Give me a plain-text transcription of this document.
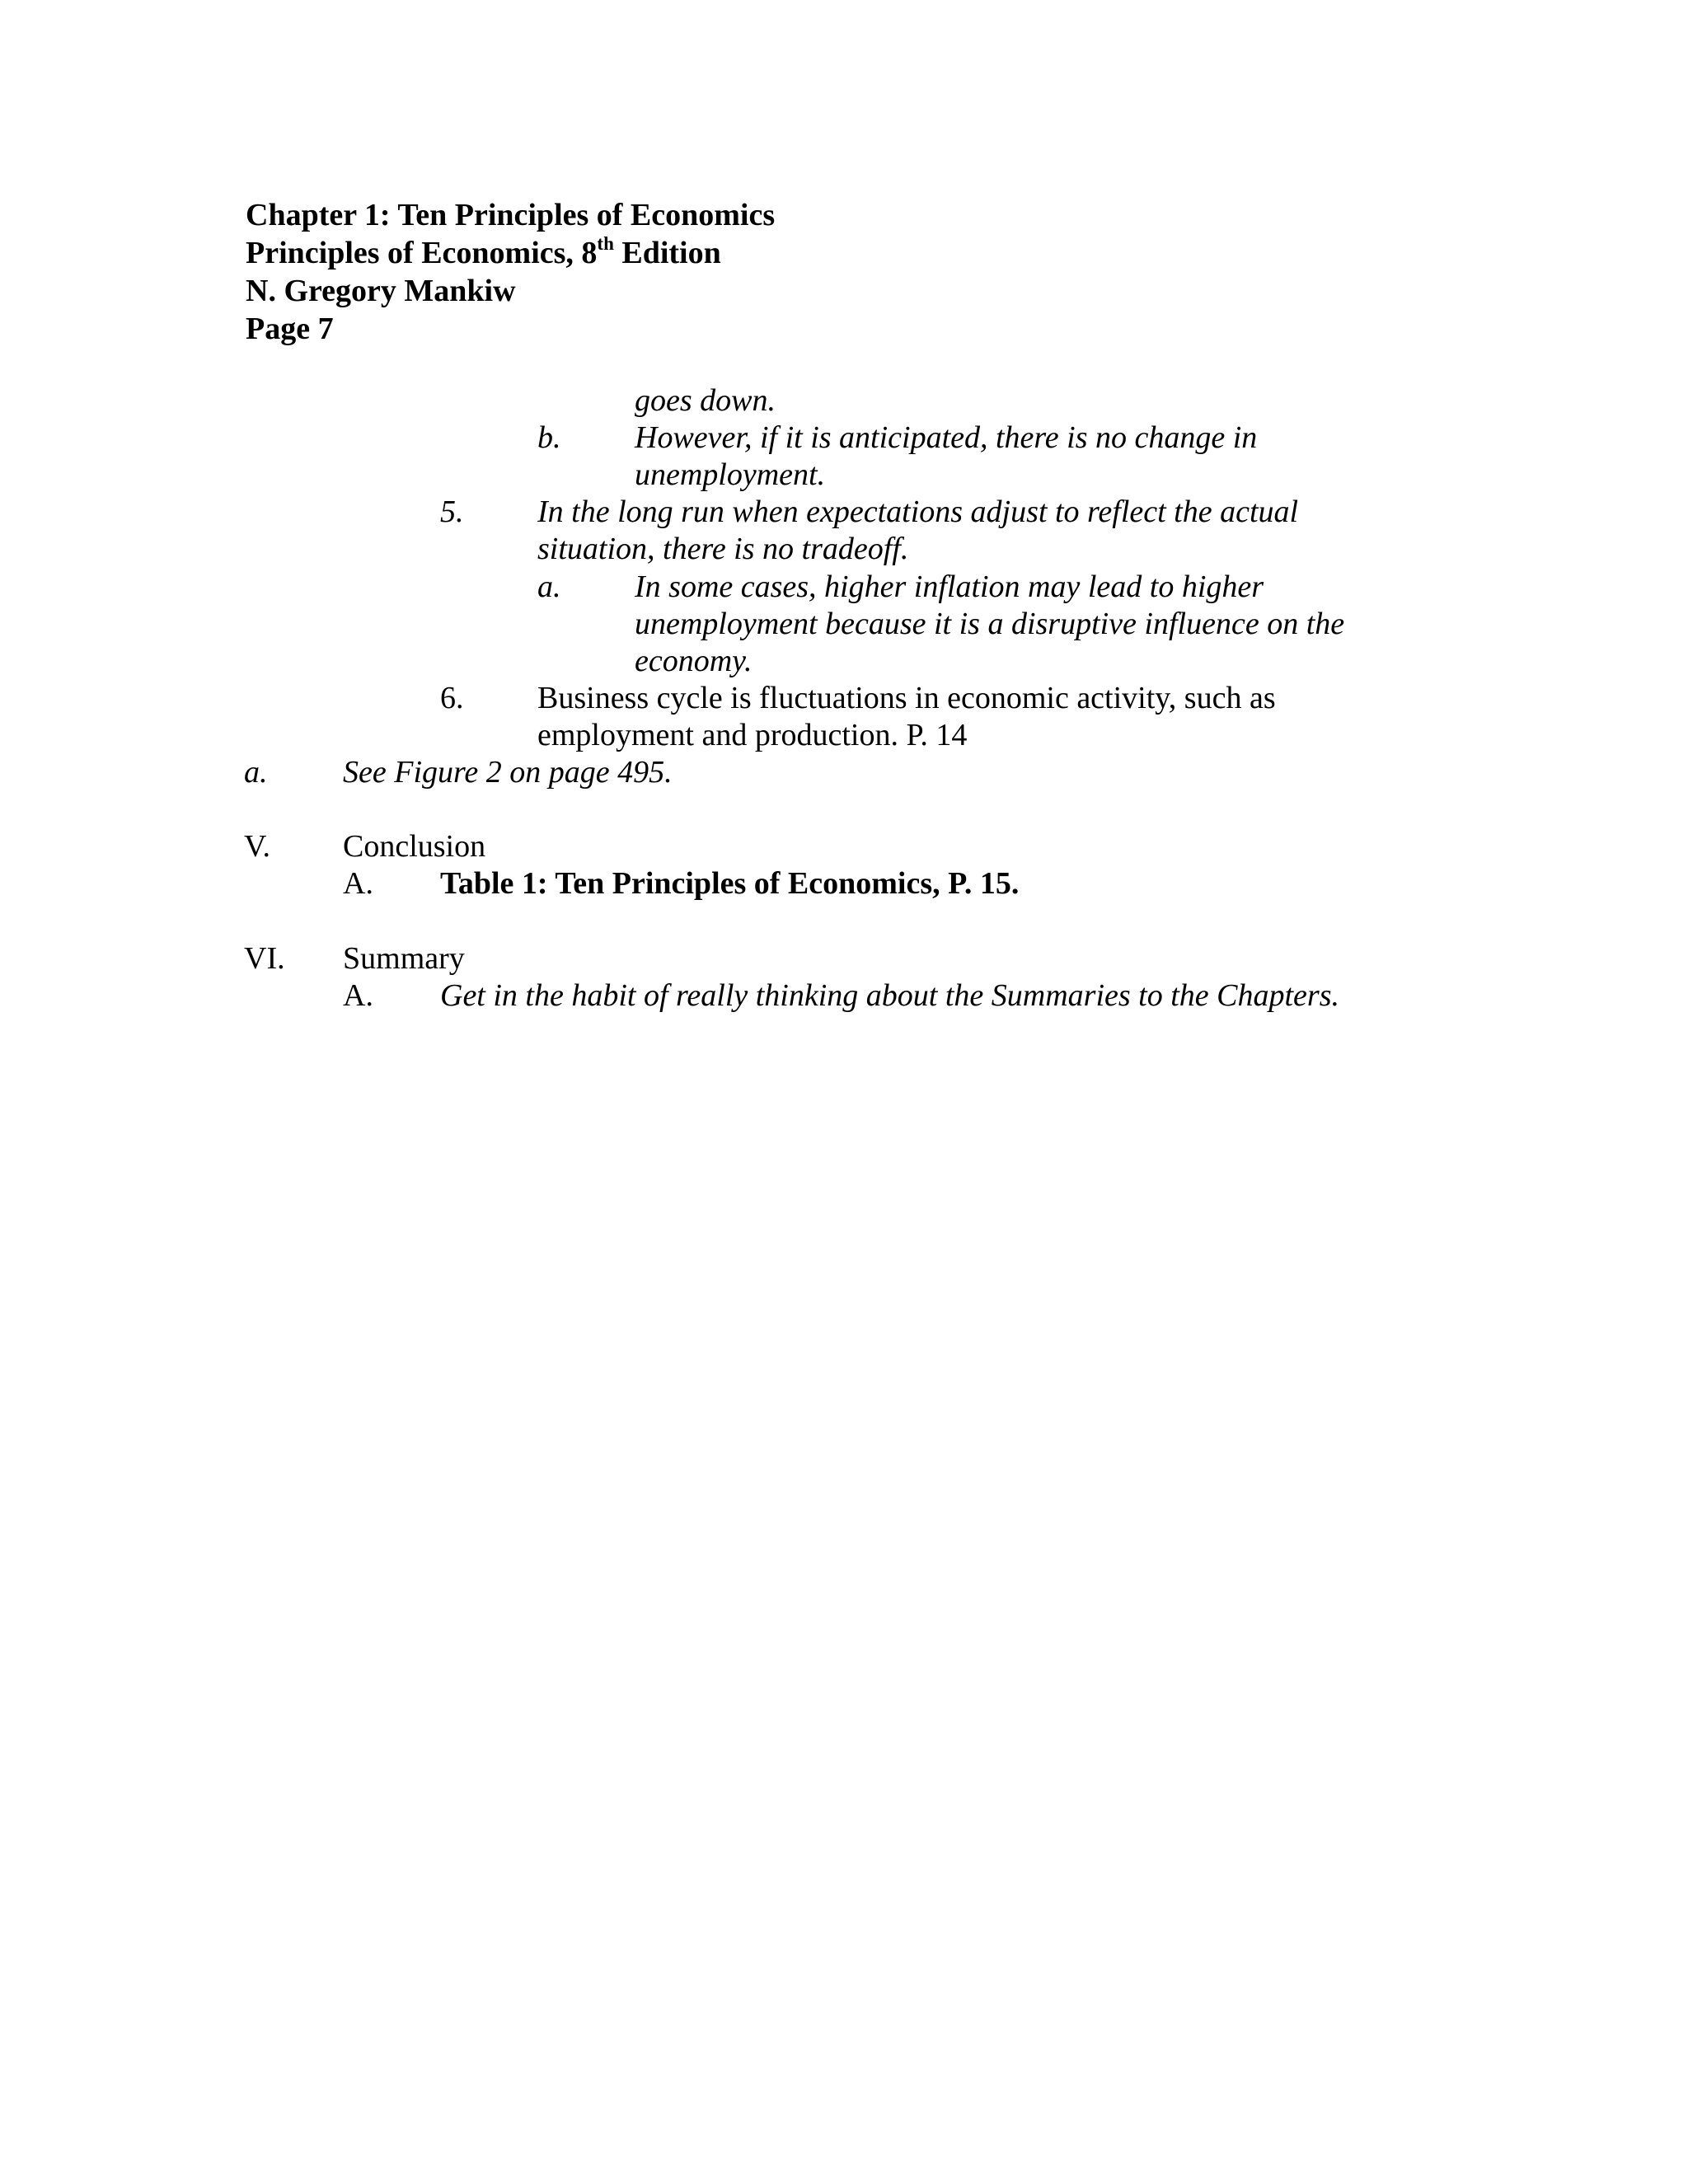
Chapter 1: Ten Principles of Economics
Principles of Economics, 8th Edition
N. Gregory Mankiw
Page 7
goes down.
b. However, if it is anticipated, there is no change in
unemployment.
5. In the long run when expectations adjust to reflect the actual
situation, there is no tradeoff.
a. In some cases, higher inflation may lead to higher
unemployment because it is a disruptive influence on the
economy.
6. Business cycle is fluctuations in economic activity, such as
employment and production. P. 14
a. See Figure 2 on page 495.
V. Conclusion
A. Table 1: Ten Principles of Economics, P. 15.
VI. Summary
A. Get in the habit of really thinking about the Summaries to the Chapters.
